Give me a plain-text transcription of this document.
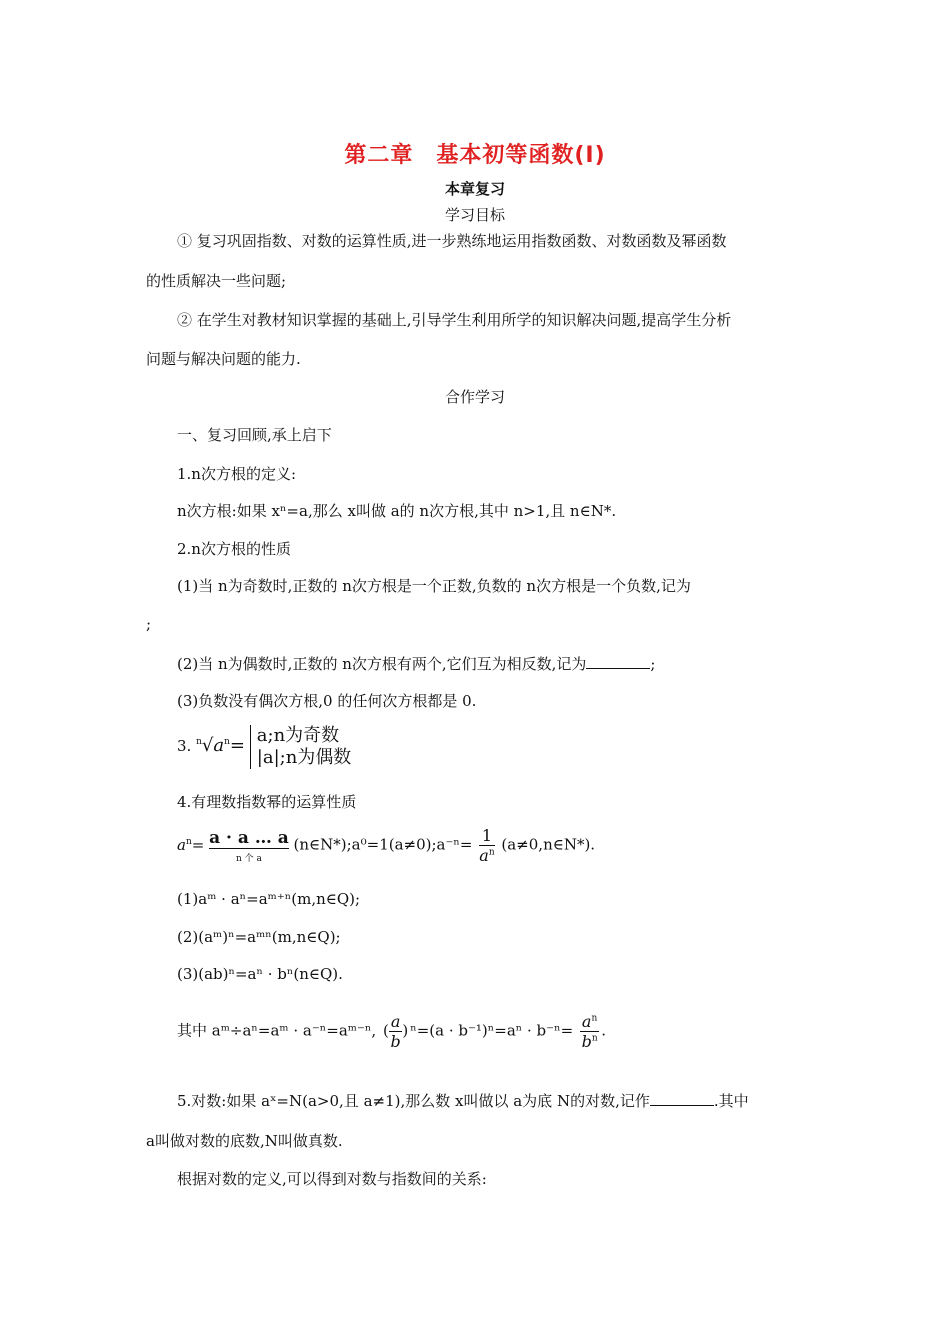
第二章　基本初等函数(Ⅰ)
本章复习
学习目标
① 复习巩固指数、对数的运算性质,进一步熟练地运用指数函数、对数函数及幂函数
的性质解决一些问题;
② 在学生对教材知识掌握的基础上,引导学生利用所学的知识解决问题,提高学生分析
问题与解决问题的能力.
合作学习
一、复习回顾,承上启下
1.n次方根的定义:
n次方根:如果 xⁿ=a,那么 x叫做 a的 n次方根,其中 n>1,且 n∈N*.
2.n次方根的性质
(1)当 n为奇数时,正数的 n次方根是一个正数,负数的 n次方根是一个负数,记为
;
(2)当 n为偶数时,正数的 n次方根有两个,它们互为相反数,记为	;
(3)负数没有偶次方根,0 的任何次方根都是 0.
3. $^n√a^n=$ a;n为奇数
|a|;n为偶数
4.有理数指数幂的运算性质
$a^n= a \cdot a$ … a
n 个 a
(n∈N*);a⁰=1(a≠0);a⁻ⁿ= $\frac{1}{a^n}$ (a≠0,n∈N*).
(1)aᵐ · aⁿ=aᵐ⁺ⁿ(m,n∈Q);
(2)(aᵐ)ⁿ=aᵐⁿ(m,n∈Q);
(3)(ab)ⁿ=aⁿ · bⁿ(n∈Q).
其中 aᵐ÷aⁿ=aᵐ · a⁻ⁿ=aᵐ⁻ⁿ, ( $\frac{a}{b}$ ) $^n=(a \cdot b^{-1})^n=a^n \cdot b^{-n}= \frac{a^n}{b^n}$ .
5.对数:如果 aˣ=N(a>0,且 a≠1),那么数 x叫做以 a为底 N的对数,记作	.其中
a叫做对数的底数,N叫做真数.
根据对数的定义,可以得到对数与指数间的关系:
